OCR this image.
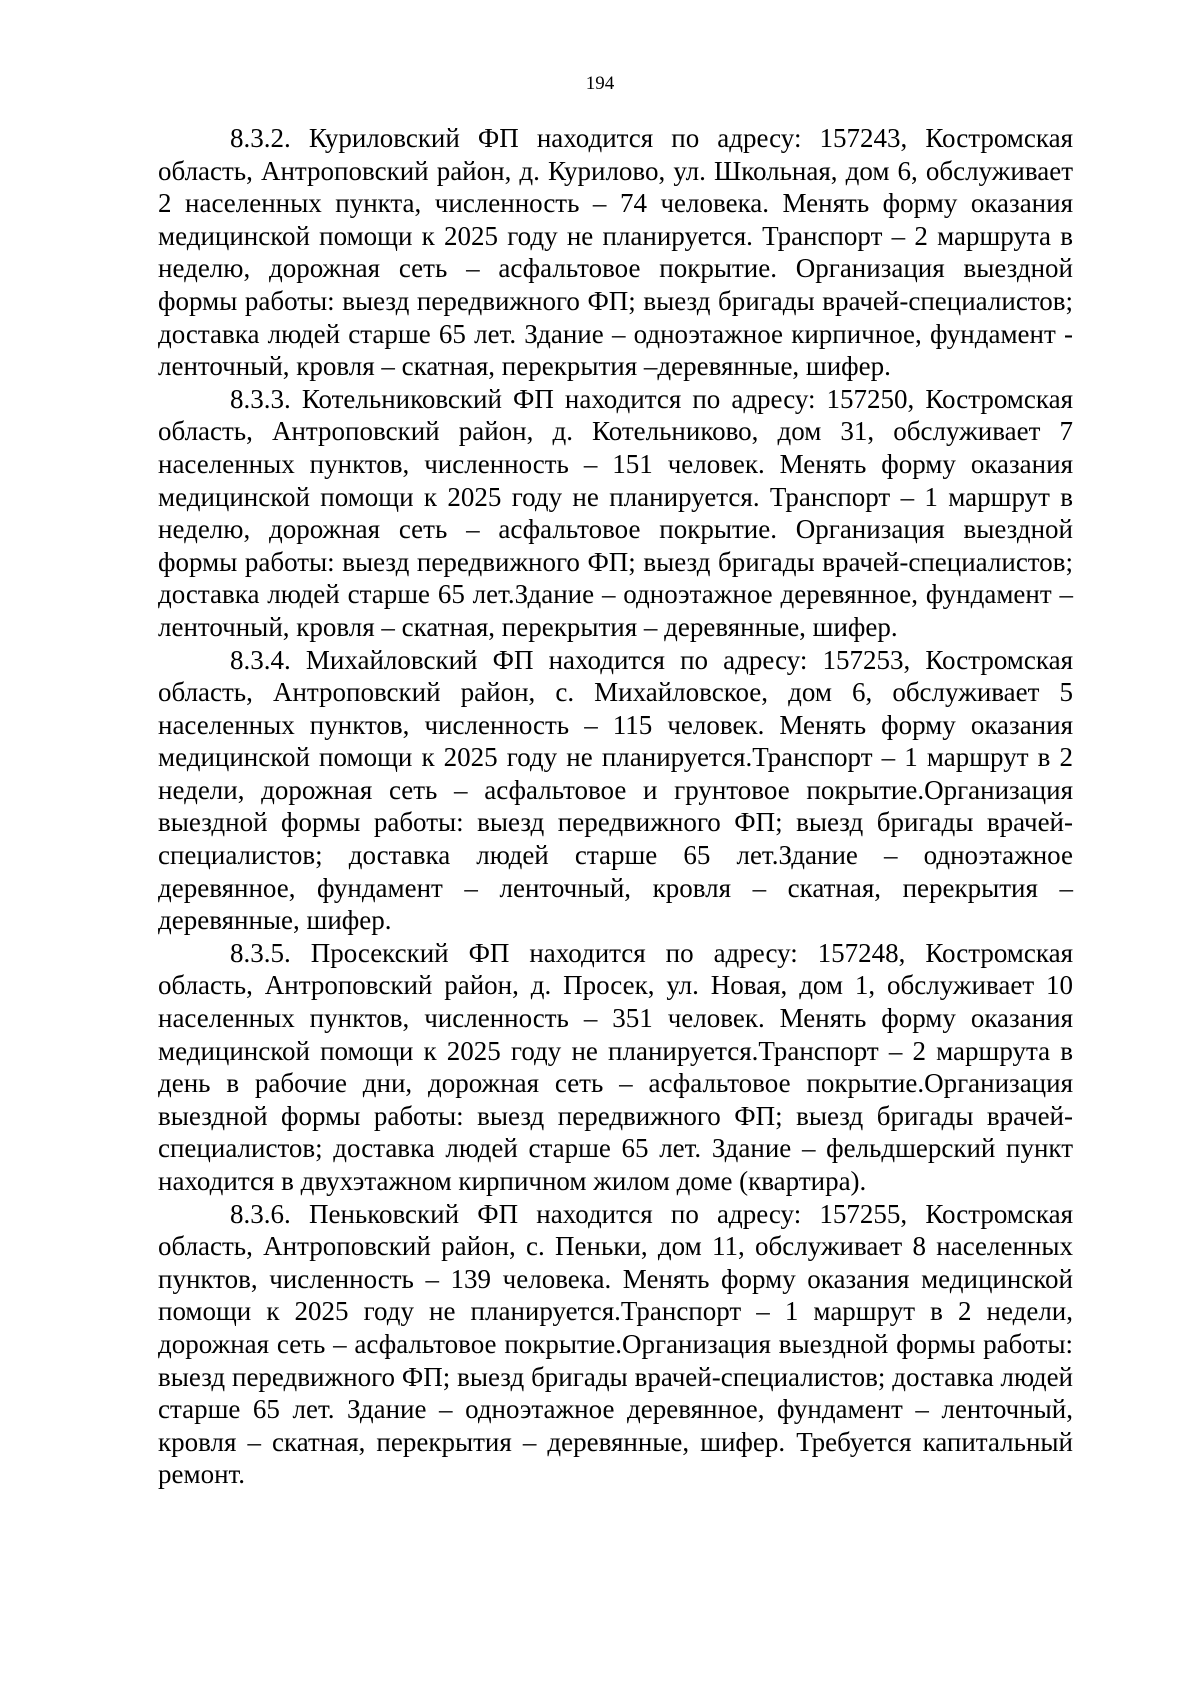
194

8.3.2. Куриловский ФП находится по адресу: 157243, Костромская область, Антроповский район, д. Курилово, ул. Школьная, дом 6, обслуживает 2 населенных пункта, численность – 74 человека. Менять форму оказания медицинской помощи к 2025 году не планируется. Транспорт – 2 маршрута в неделю, дорожная сеть – асфальтовое покрытие. Организация выездной формы работы: выезд передвижного ФП; выезд бригады врачей-специалистов; доставка людей старше 65 лет. Здание – одноэтажное кирпичное, фундамент - ленточный, кровля – скатная, перекрытия –деревянные, шифер.

8.3.3. Котельниковский ФП находится по адресу: 157250, Костромская область, Антроповский район, д. Котельниково, дом 31, обслуживает 7 населенных пунктов, численность – 151 человек. Менять форму оказания медицинской помощи к 2025 году не планируется. Транспорт – 1 маршрут в неделю, дорожная сеть – асфальтовое покрытие. Организация выездной формы работы: выезд передвижного ФП; выезд бригады врачей-специалистов; доставка людей старше 65 лет.Здание – одноэтажное деревянное, фундамент – ленточный, кровля – скатная, перекрытия – деревянные, шифер.

8.3.4. Михайловский ФП находится по адресу: 157253, Костромская область, Антроповский район, с. Михайловское, дом 6, обслуживает 5 населенных пунктов, численность – 115 человек. Менять форму оказания медицинской помощи к 2025 году не планируется.Транспорт – 1 маршрут в 2 недели, дорожная сеть – асфальтовое и грунтовое покрытие.Организация выездной формы работы: выезд передвижного ФП; выезд бригады врачей-специалистов; доставка людей старше 65 лет.Здание – одноэтажное деревянное, фундамент – ленточный, кровля – скатная, перекрытия – деревянные, шифер.

8.3.5. Просекский ФП находится по адресу: 157248, Костромская область, Антроповский район, д. Просек, ул. Новая, дом 1, обслуживает 10 населенных пунктов, численность – 351 человек. Менять форму оказания медицинской помощи к 2025 году не планируется.Транспорт – 2 маршрута в день в рабочие дни, дорожная сеть – асфальтовое покрытие.Организация выездной формы работы: выезд передвижного ФП; выезд бригады врачей-специалистов; доставка людей старше 65 лет. Здание – фельдшерский пункт находится в двухэтажном кирпичном жилом доме (квартира).

8.3.6. Пеньковский ФП находится по адресу: 157255, Костромская область, Антроповский район, с. Пеньки, дом 11, обслуживает 8 населенных пунктов, численность – 139 человека. Менять форму оказания медицинской помощи к 2025 году не планируется.Транспорт – 1 маршрут в 2 недели, дорожная сеть – асфальтовое покрытие.Организация выездной формы работы: выезд передвижного ФП; выезд бригады врачей-специалистов; доставка людей старше 65 лет. Здание – одноэтажное деревянное, фундамент – ленточный, кровля – скатная, перекрытия – деревянные, шифер. Требуется капитальный ремонт.
